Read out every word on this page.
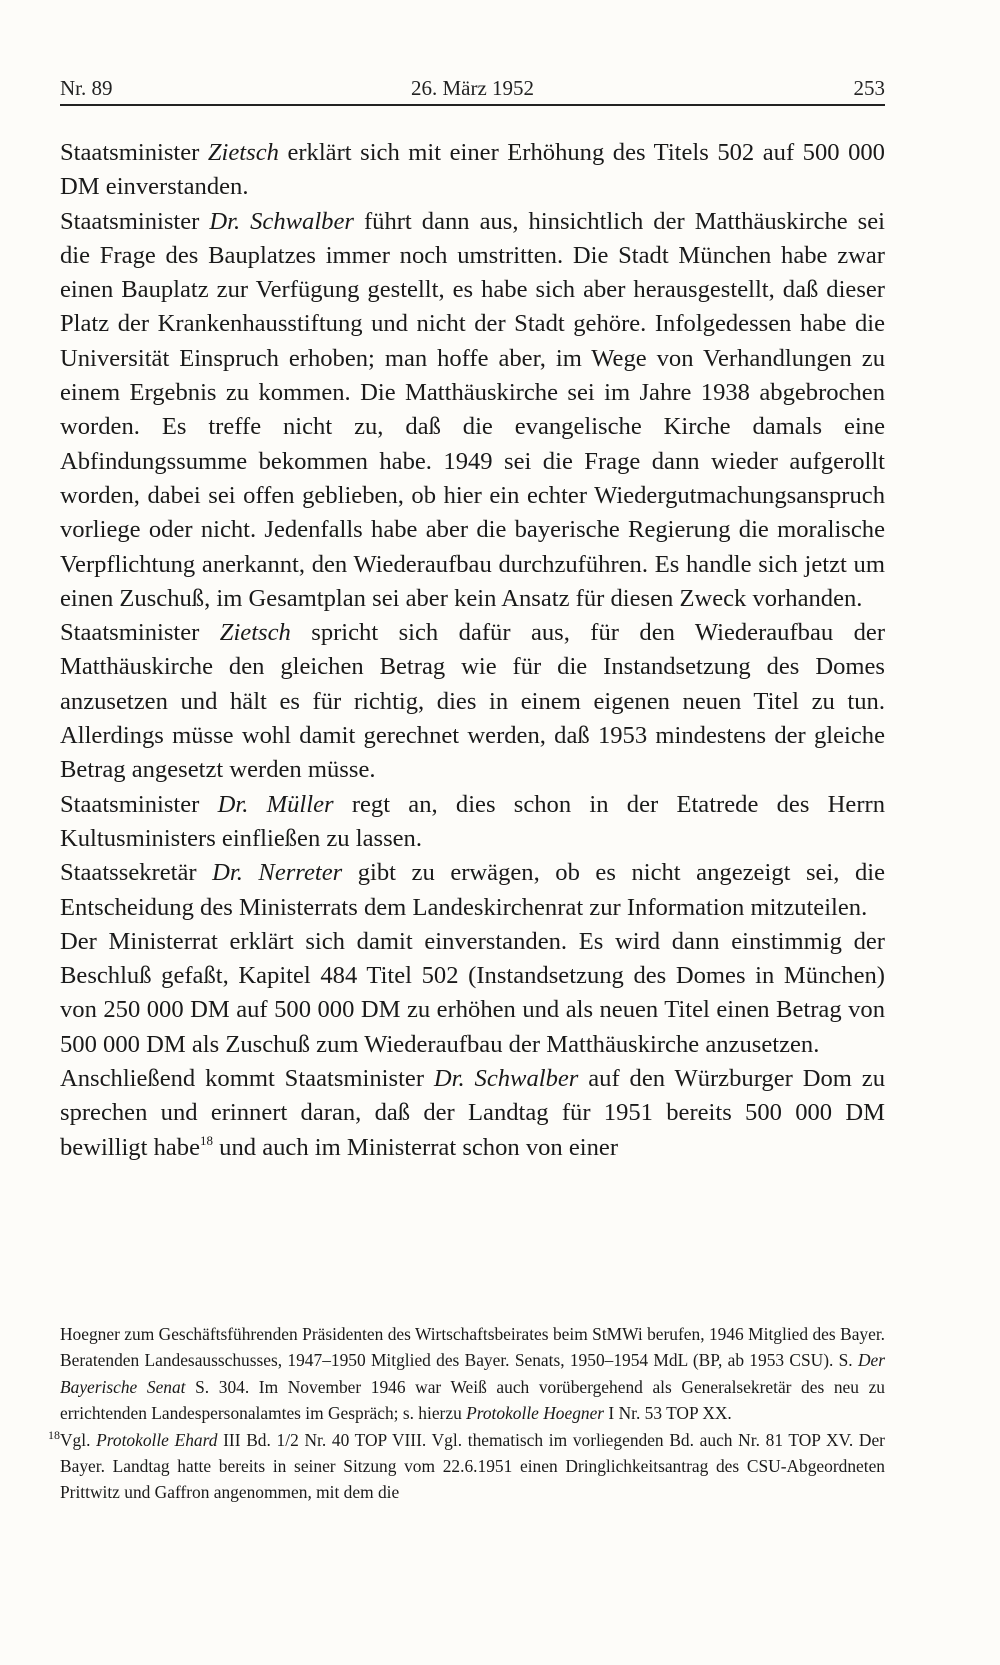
Nr. 89	26. März 1952	253

Staatsminister Zietsch erklärt sich mit einer Erhöhung des Titels 502 auf 500 000 DM einverstanden.

Staatsminister Dr. Schwalber führt dann aus, hinsichtlich der Matthäuskirche sei die Frage des Bauplatzes immer noch umstritten. Die Stadt München habe zwar einen Bauplatz zur Verfügung gestellt, es habe sich aber herausgestellt, daß dieser Platz der Krankenhausstiftung und nicht der Stadt gehöre. Infolgedessen habe die Universität Einspruch erhoben; man hoffe aber, im Wege von Verhandlungen zu einem Ergebnis zu kommen. Die Matthäuskirche sei im Jahre 1938 abgebrochen worden. Es treffe nicht zu, daß die evangelische Kirche damals eine Abfindungssumme bekommen habe. 1949 sei die Frage dann wieder aufgerollt worden, dabei sei offen geblieben, ob hier ein echter Wiedergutmachungsanspruch vorliege oder nicht. Jedenfalls habe aber die bayerische Regierung die moralische Verpflichtung anerkannt, den Wiederaufbau durchzuführen. Es handle sich jetzt um einen Zuschuß, im Gesamtplan sei aber kein Ansatz für diesen Zweck vorhanden.

Staatsminister Zietsch spricht sich dafür aus, für den Wiederaufbau der Matthäuskirche den gleichen Betrag wie für die Instandsetzung des Domes anzusetzen und hält es für richtig, dies in einem eigenen neuen Titel zu tun. Allerdings müsse wohl damit gerechnet werden, daß 1953 mindestens der gleiche Betrag angesetzt werden müsse.

Staatsminister Dr. Müller regt an, dies schon in der Etatrede des Herrn Kultusministers einfließen zu lassen.

Staatssekretär Dr. Nerreter gibt zu erwägen, ob es nicht angezeigt sei, die Entscheidung des Ministerrats dem Landeskirchenrat zur Information mitzuteilen.

Der Ministerrat erklärt sich damit einverstanden. Es wird dann einstimmig der Beschluß gefaßt, Kapitel 484 Titel 502 (Instandsetzung des Domes in München) von 250 000 DM auf 500 000 DM zu erhöhen und als neuen Titel einen Betrag von 500 000 DM als Zuschuß zum Wiederaufbau der Matthäuskirche anzusetzen.

Anschließend kommt Staatsminister Dr. Schwalber auf den Würzburger Dom zu sprechen und erinnert daran, daß der Landtag für 1951 bereits 500 000 DM bewilligt habe$^{18}$ und auch im Ministerrat schon von einer

Hoegner zum Geschäftsführenden Präsidenten des Wirtschaftsbeirates beim StMWi berufen, 1946 Mitglied des Bayer. Beratenden Landesausschusses, 1947–1950 Mitglied des Bayer. Senats, 1950–1954 MdL (BP, ab 1953 CSU). S. Der Bayerische Senat S. 304. Im November 1946 war Weiß auch vorübergehend als Generalsekretär des neu zu errichtenden Landespersonalamtes im Gespräch; s. hierzu Protokolle Hoegner I Nr. 53 TOP XX.

18 Vgl. Protokolle Ehard III Bd. 1/2 Nr. 40 TOP VIII. Vgl. thematisch im vorliegenden Bd. auch Nr. 81 TOP XV. Der Bayer. Landtag hatte bereits in seiner Sitzung vom 22.6.1951 einen Dringlichkeitsantrag des CSU-Abgeordneten Prittwitz und Gaffron angenommen, mit dem die
